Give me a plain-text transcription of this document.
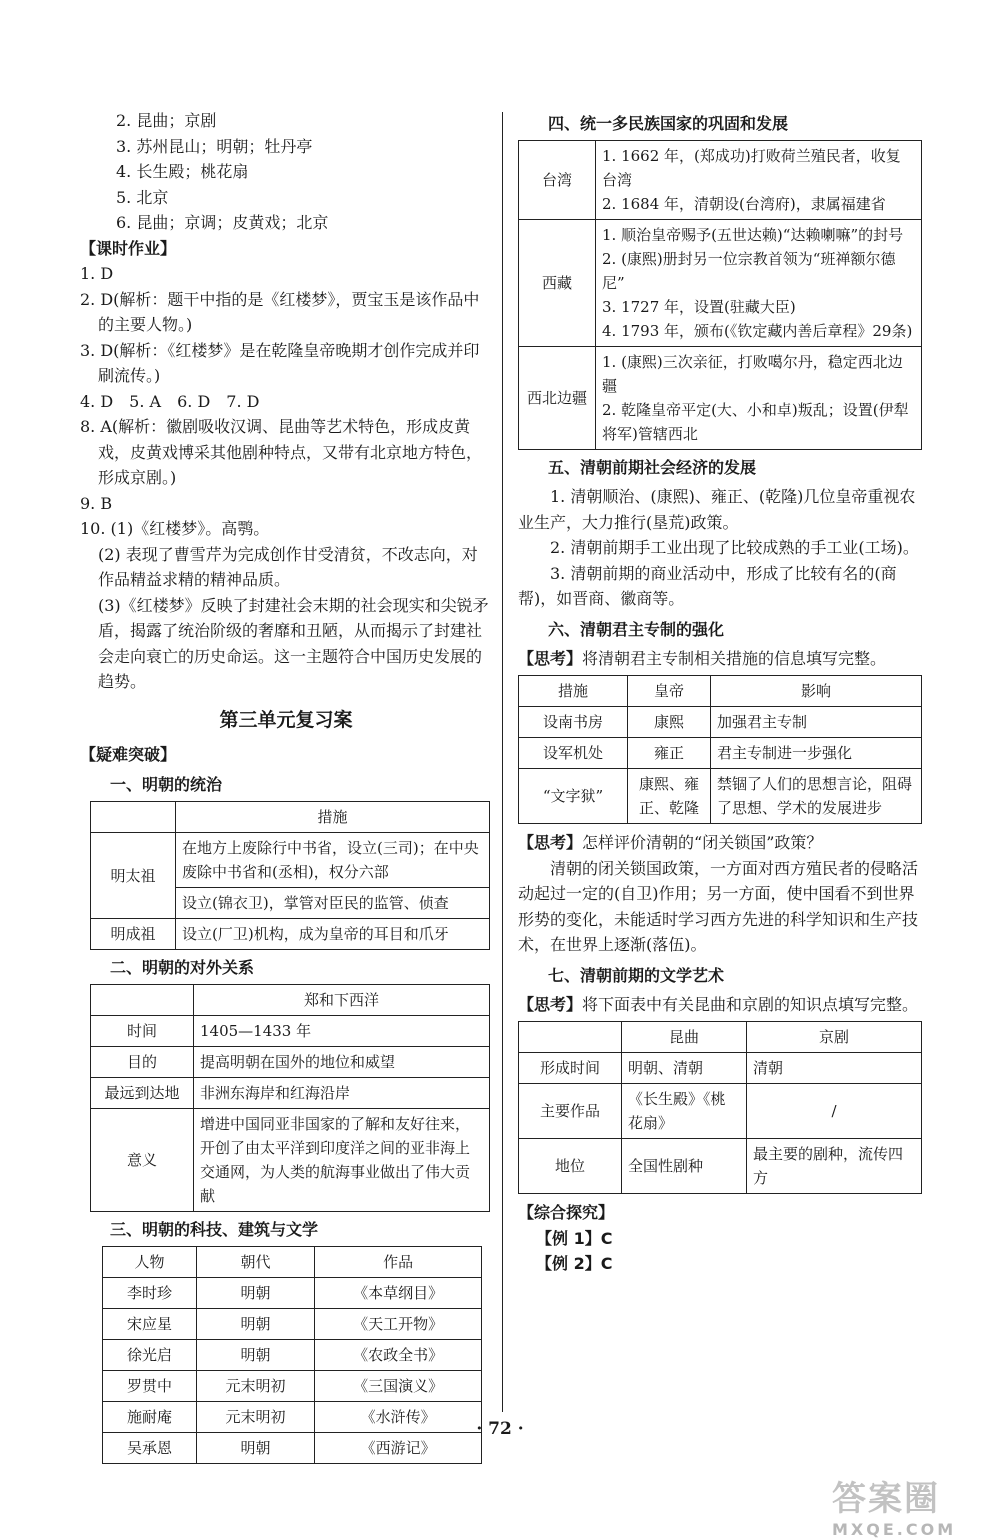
2. 昆曲；京剧

3. 苏州昆山；明朝；牡丹亭

4. 长生殿；桃花扇

5. 北京

6. 昆曲；京调；皮黄戏；北京

【课时作业】

1. D

2. D(解析：题干中指的是《红楼梦》，贾宝玉是该作品中的主要人物。)

3. D(解析：《红楼梦》是在乾隆皇帝晚期才创作完成并印刷流传。)

4. D　5. A　6. D　7. D

8. A(解析：徽剧吸收汉调、昆曲等艺术特色，形成皮黄戏，皮黄戏博采其他剧种特点，又带有北京地方特色，形成京剧。)

9. B

10. (1)《红楼梦》。高鹗。

(2) 表现了曹雪芹为完成创作甘受清贫，不改志向，对作品精益求精的精神品质。

(3)《红楼梦》反映了封建社会末期的社会现实和尖锐矛盾，揭露了统治阶级的奢靡和丑陋，从而揭示了封建社会走向衰亡的历史命运。这一主题符合中国历史发展的趋势。

第三单元复习案

【疑难突破】

一、明朝的统治
	措施
明太祖	在地方上废除行中书省，设立(三司)；在中央废除中书省和(丞相)，权分六部
	设立(锦衣卫)，掌管对臣民的监管、侦查
明成祖	设立(厂卫)机构，成为皇帝的耳目和爪牙
二、明朝的对外关系
	郑和下西洋
时间	1405—1433 年
目的	提高明朝在国外的地位和威望
最远到达地	非洲东海岸和红海沿岸
意义	增进中国同亚非国家的了解和友好往来，开创了由太平洋到印度洋之间的亚非海上交通网，为人类的航海事业做出了伟大贡献
三、明朝的科技、建筑与文学
人物	朝代	作品
李时珍	明朝	《本草纲目》
宋应星	明朝	《天工开物》
徐光启	明朝	《农政全书》
罗贯中	元末明初	《三国演义》
施耐庵	元末明初	《水浒传》
吴承恩	明朝	《西游记》
四、统一多民族国家的巩固和发展
台湾	1. 1662 年，(郑成功)打败荷兰殖民者，收复台湾
2. 1684 年，清朝设(台湾府)，隶属福建省

西藏	1. 顺治皇帝赐予(五世达赖)“达赖喇嘛”的封号
2. (康熙)册封另一位宗教首领为“班禅额尔德尼”
3. 1727 年，设置(驻藏大臣)
4. 1793 年，颁布(《钦定藏内善后章程》29条)

西北边疆	1. (康熙)三次亲征，打败噶尔丹，稳定西北边疆
2. 乾隆皇帝平定(大、小和卓)叛乱；设置(伊犁将军)管辖西北
五、清朝前期社会经济的发展

1. 清朝顺治、(康熙)、雍正、(乾隆)几位皇帝重视农业生产，大力推行(垦荒)政策。

2. 清朝前期手工业出现了比较成熟的手工业(工场)。

3. 清朝前期的商业活动中，形成了比较有名的(商帮)，如晋商、徽商等。

六、清朝君主专制的强化

【思考】将清朝君主专制相关措施的信息填写完整。

措施	皇帝	影响
设南书房	康熙	加强君主专制
设军机处	雍正	君主专制进一步强化
“文字狱”	康熙、雍正、乾隆	禁锢了人们的思想言论，阻碍了思想、学术的发展进步

【思考】怎样评价清朝的“闭关锁国”政策？

清朝的闭关锁国政策，一方面对西方殖民者的侵略活动起过一定的(自卫)作用；另一方面，使中国看不到世界形势的变化，未能适时学习西方先进的科学知识和生产技术，在世界上逐渐(落伍)。

七、清朝前期的文学艺术

【思考】将下面表中有关昆曲和京剧的知识点填写完整。

	昆曲	京剧
形成时间	明朝、清朝	清朝
主要作品	《长生殿》《桃花扇》	/
地位	全国性剧种	最主要的剧种，流传四方

【综合探究】

【例 1】C

【例 2】C

· 72 ·
答案圈
MXQE.COM
